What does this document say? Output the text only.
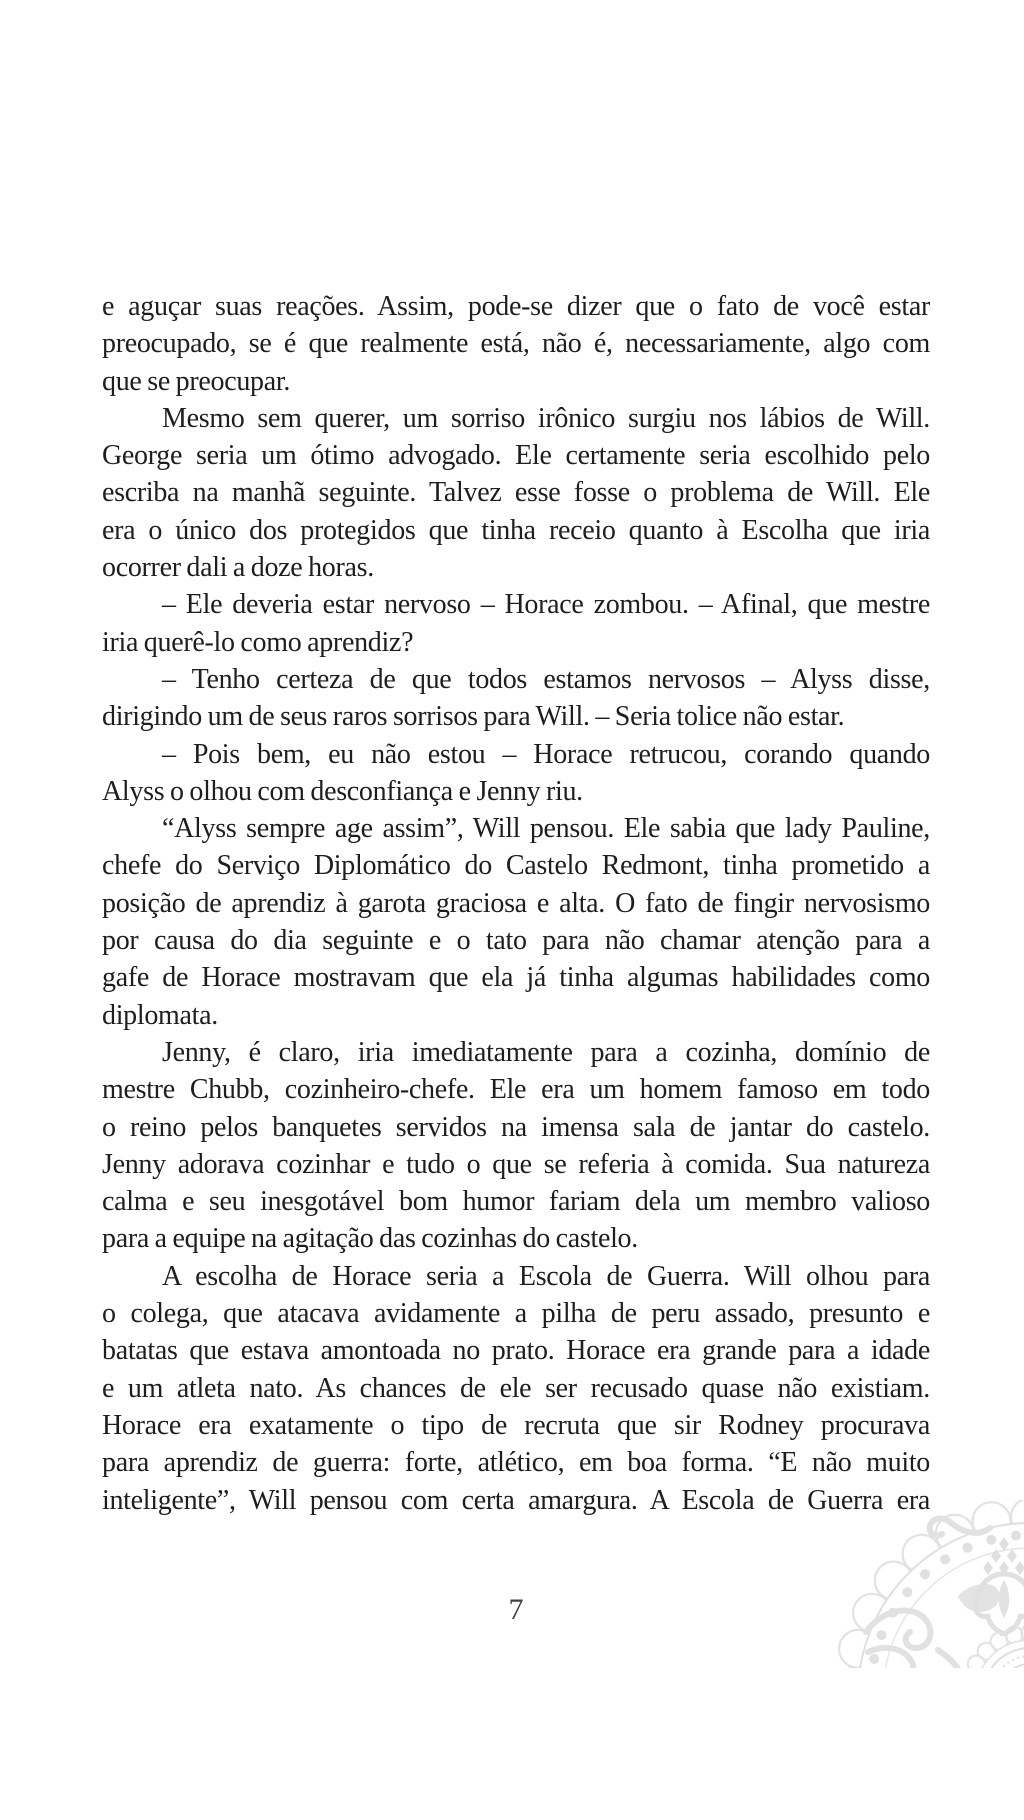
e aguçar suas reações. Assim, pode-se dizer que o fato de você estar
preocupado, se é que realmente está, não é, necessariamente, algo com
que se preocupar.
Mesmo sem querer, um sorriso irônico surgiu nos lábios de Will.
George seria um ótimo advogado. Ele certamente seria escolhido pelo
escriba na manhã seguinte. Talvez esse fosse o problema de Will. Ele
era o único dos protegidos que tinha receio quanto à Escolha que iria
ocorrer dali a doze horas.
– Ele deveria estar nervoso – Horace zombou. – Afinal, que mestre
iria querê-lo como aprendiz?
– Tenho certeza de que todos estamos nervosos – Alyss disse,
dirigindo um de seus raros sorrisos para Will. – Seria tolice não estar.
– Pois bem, eu não estou – Horace retrucou, corando quando
Alyss o olhou com desconfiança e Jenny riu.
“Alyss sempre age assim”, Will pensou. Ele sabia que lady Pauline,
chefe do Serviço Diplomático do Castelo Redmont, tinha prometido a
posição de aprendiz à garota graciosa e alta. O fato de fingir nervosismo
por causa do dia seguinte e o tato para não chamar atenção para a
gafe de Horace mostravam que ela já tinha algumas habilidades como
diplomata.
Jenny, é claro, iria imediatamente para a cozinha, domínio de
mestre Chubb, cozinheiro-chefe. Ele era um homem famoso em todo
o reino pelos banquetes servidos na imensa sala de jantar do castelo.
Jenny adorava cozinhar e tudo o que se referia à comida. Sua natureza
calma e seu inesgotável bom humor fariam dela um membro valioso
para a equipe na agitação das cozinhas do castelo.
A escolha de Horace seria a Escola de Guerra. Will olhou para
o colega, que atacava avidamente a pilha de peru assado, presunto e
batatas que estava amontoada no prato. Horace era grande para a idade
e um atleta nato. As chances de ele ser recusado quase não existiam.
Horace era exatamente o tipo de recruta que sir Rodney procurava
para aprendiz de guerra: forte, atlético, em boa forma. “E não muito
inteligente”, Will pensou com certa amargura. A Escola de Guerra era
7
